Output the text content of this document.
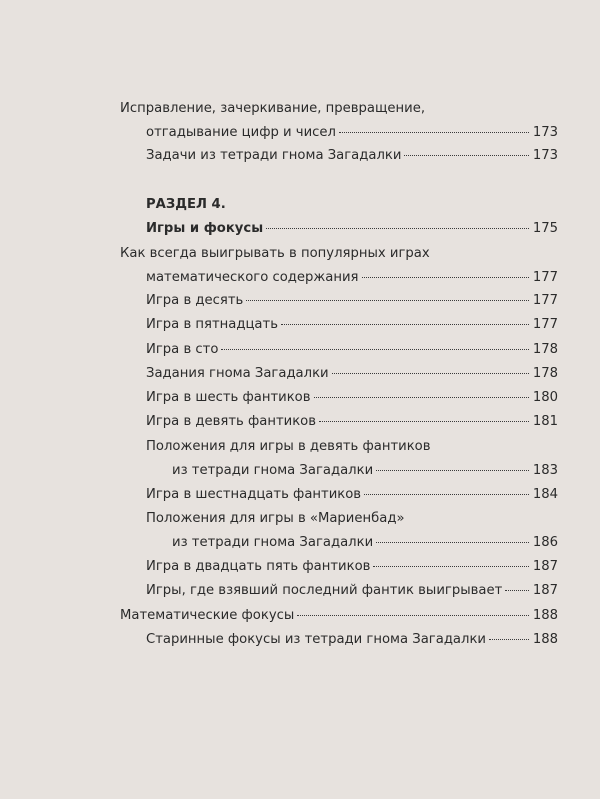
Исправление, зачеркивание, превращение,
отгадывание цифр и чисел	173
Задачи из тетради гнома Загадалки	173
РАЗДЕЛ 4.
Игры и фокусы	175
Как всегда выигрывать в популярных играх
математического содержания	177
Игра в десять	177
Игра в пятнадцать	177
Игра в сто	178
Задания гнома Загадалки	178
Игра в шесть фантиков	180
Игра в девять фантиков	181
Положения для игры в девять фантиков
из тетради гнома Загадалки	183
Игра в шестнадцать фантиков	184
Положения для игры в «Мариенбад»
из тетради гнома Загадалки	186
Игра в двадцать пять фантиков	187
Игры, где взявший последний фантик выигрывает 187
Математические фокусы	188
Старинные фокусы из тетради гнома Загадалки	188
